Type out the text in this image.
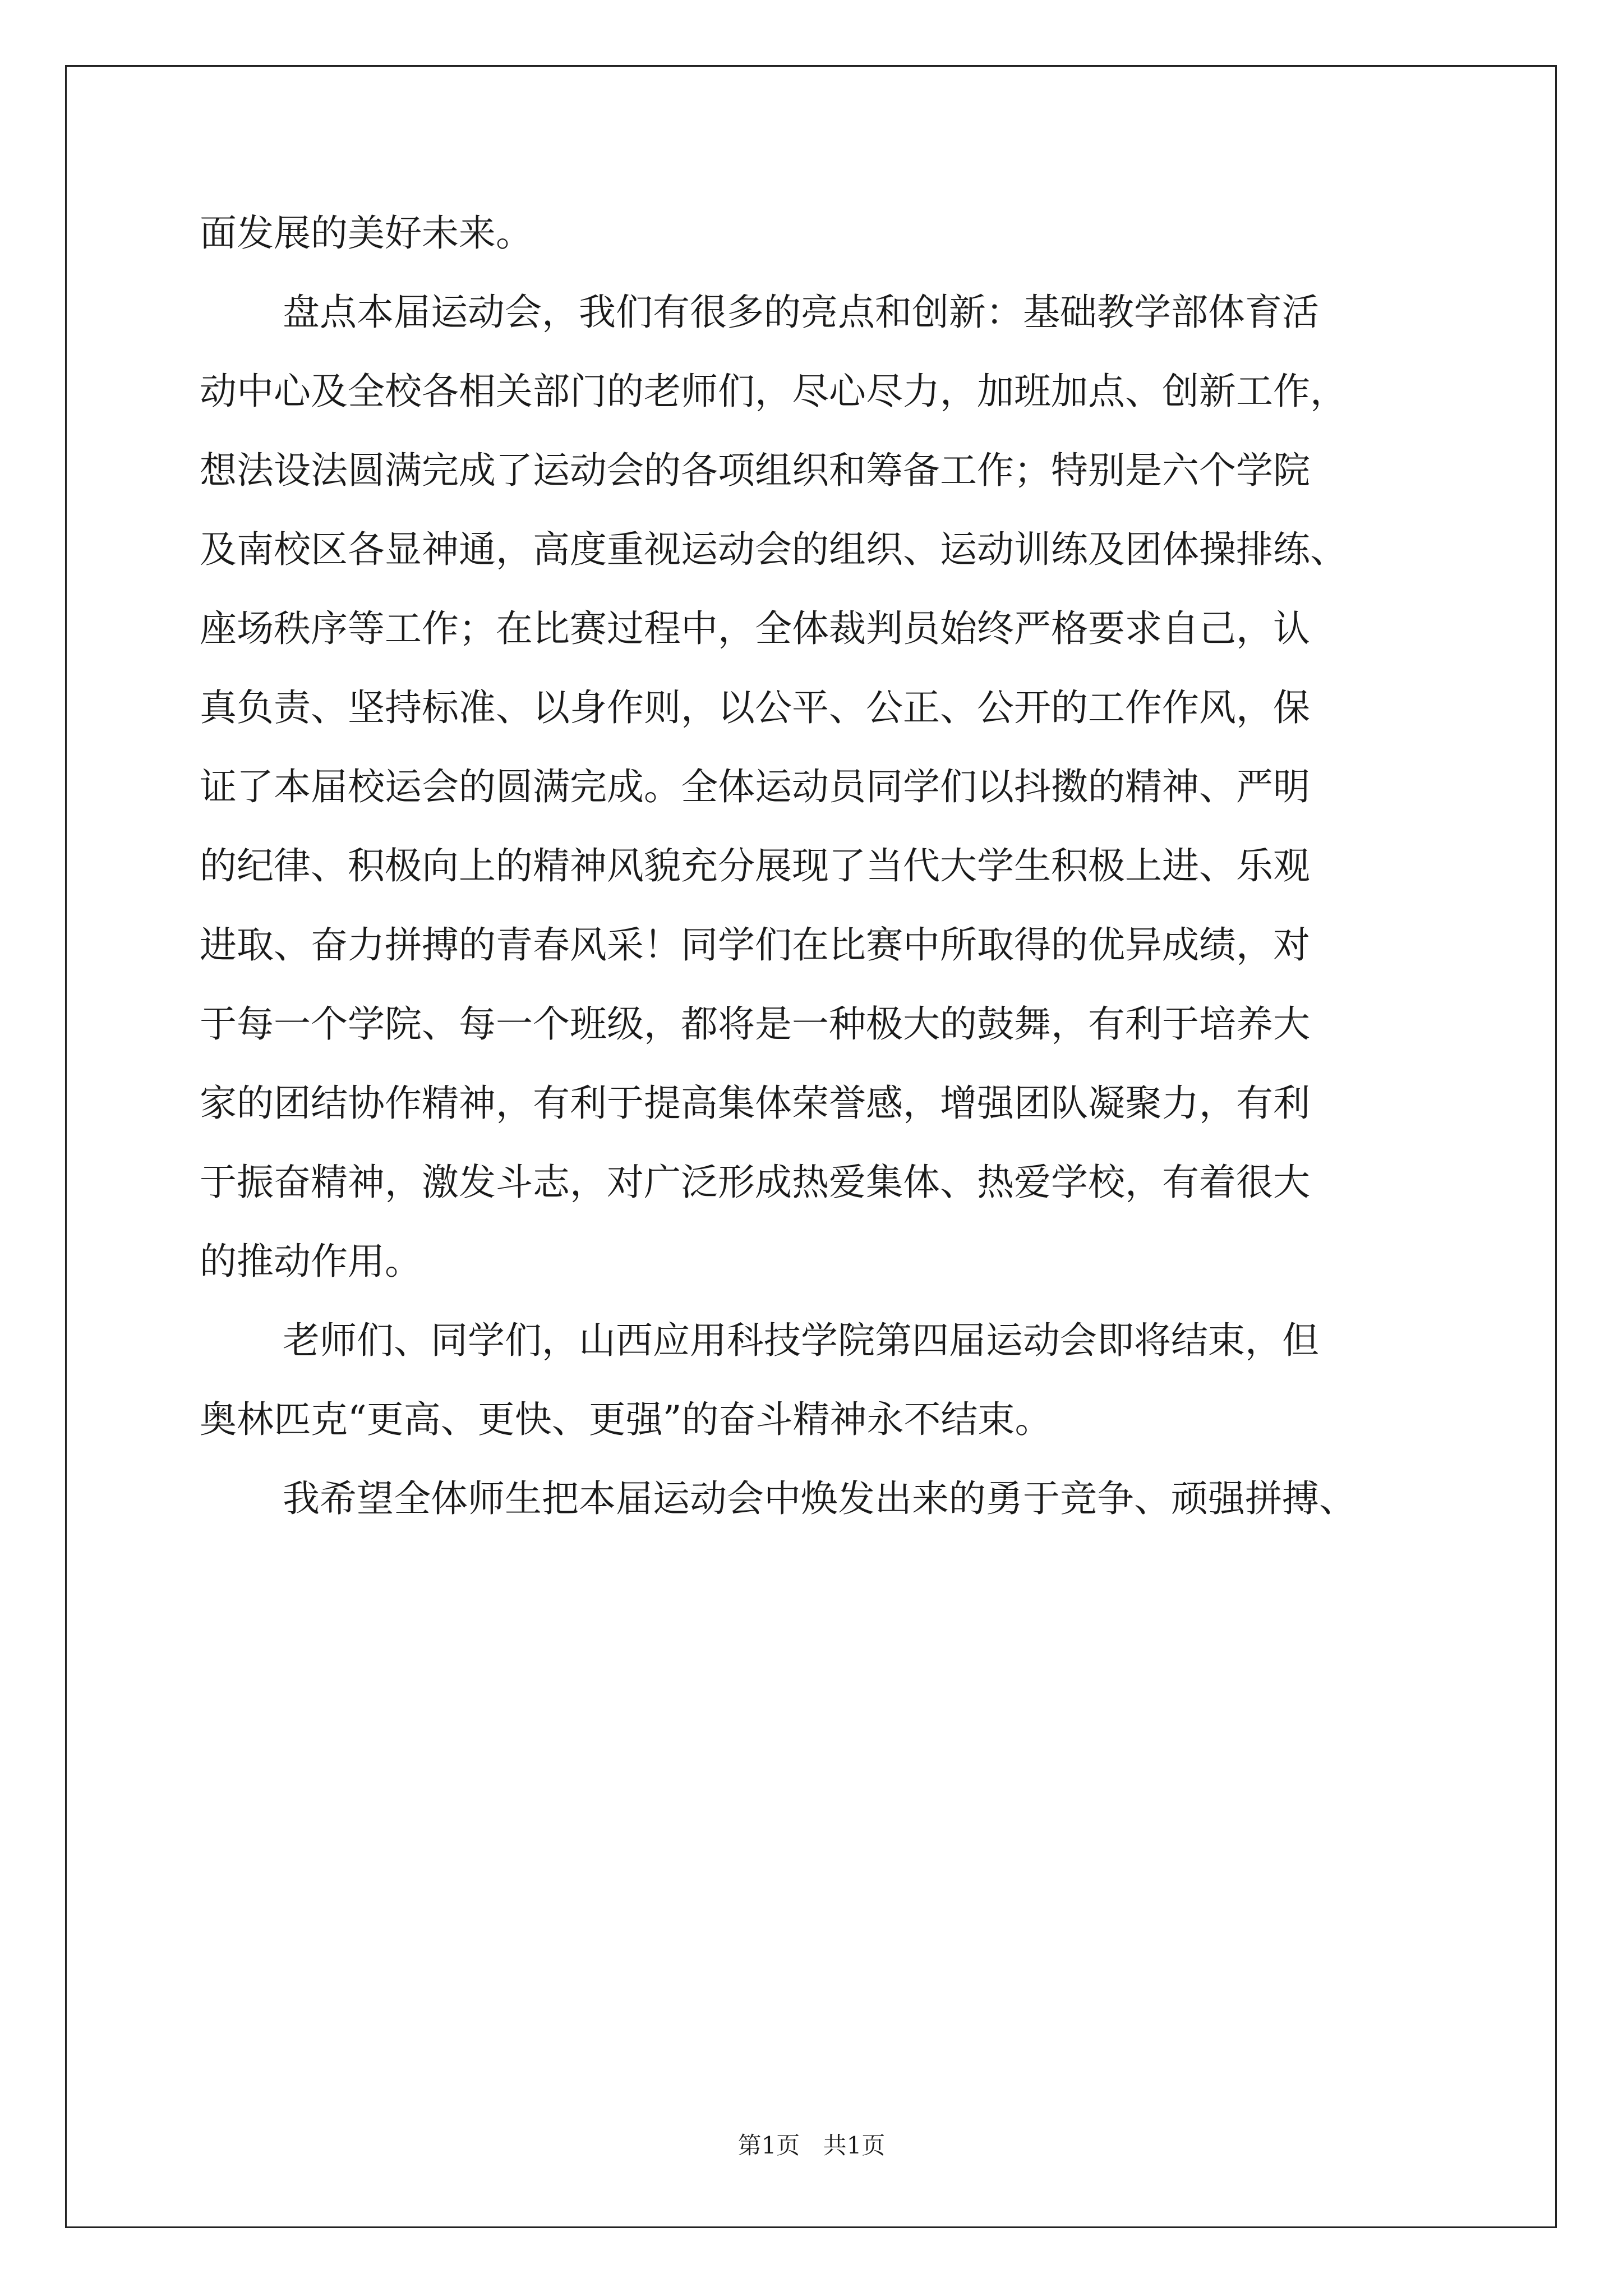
面发展的美好未来。
盘点本届运动会，我们有很多的亮点和创新：基础教学部体育活
动中心及全校各相关部门的老师们，尽心尽力，加班加点、创新工作，
想法设法圆满完成了运动会的各项组织和筹备工作；特别是六个学院
及南校区各显神通，高度重视运动会的组织、运动训练及团体操排练、
座场秩序等工作；在比赛过程中，全体裁判员始终严格要求自己，认
真负责、坚持标准、以身作则，以公平、公正、公开的工作作风，保
证了本届校运会的圆满完成。全体运动员同学们以抖擞的精神、严明
的纪律、积极向上的精神风貌充分展现了当代大学生积极上进、乐观
进取、奋力拼搏的青春风采！同学们在比赛中所取得的优异成绩，对
于每一个学院、每一个班级，都将是一种极大的鼓舞，有利于培养大
家的团结协作精神，有利于提高集体荣誉感，增强团队凝聚力，有利
于振奋精神，激发斗志，对广泛形成热爱集体、热爱学校，有着很大
的推动作用。
老师们、同学们，山西应用科技学院第四届运动会即将结束，但
奥林匹克“更高、更快、更强”的奋斗精神永不结束。
我希望全体师生把本届运动会中焕发出来的勇于竞争、顽强拼搏、
第1页 共1页
